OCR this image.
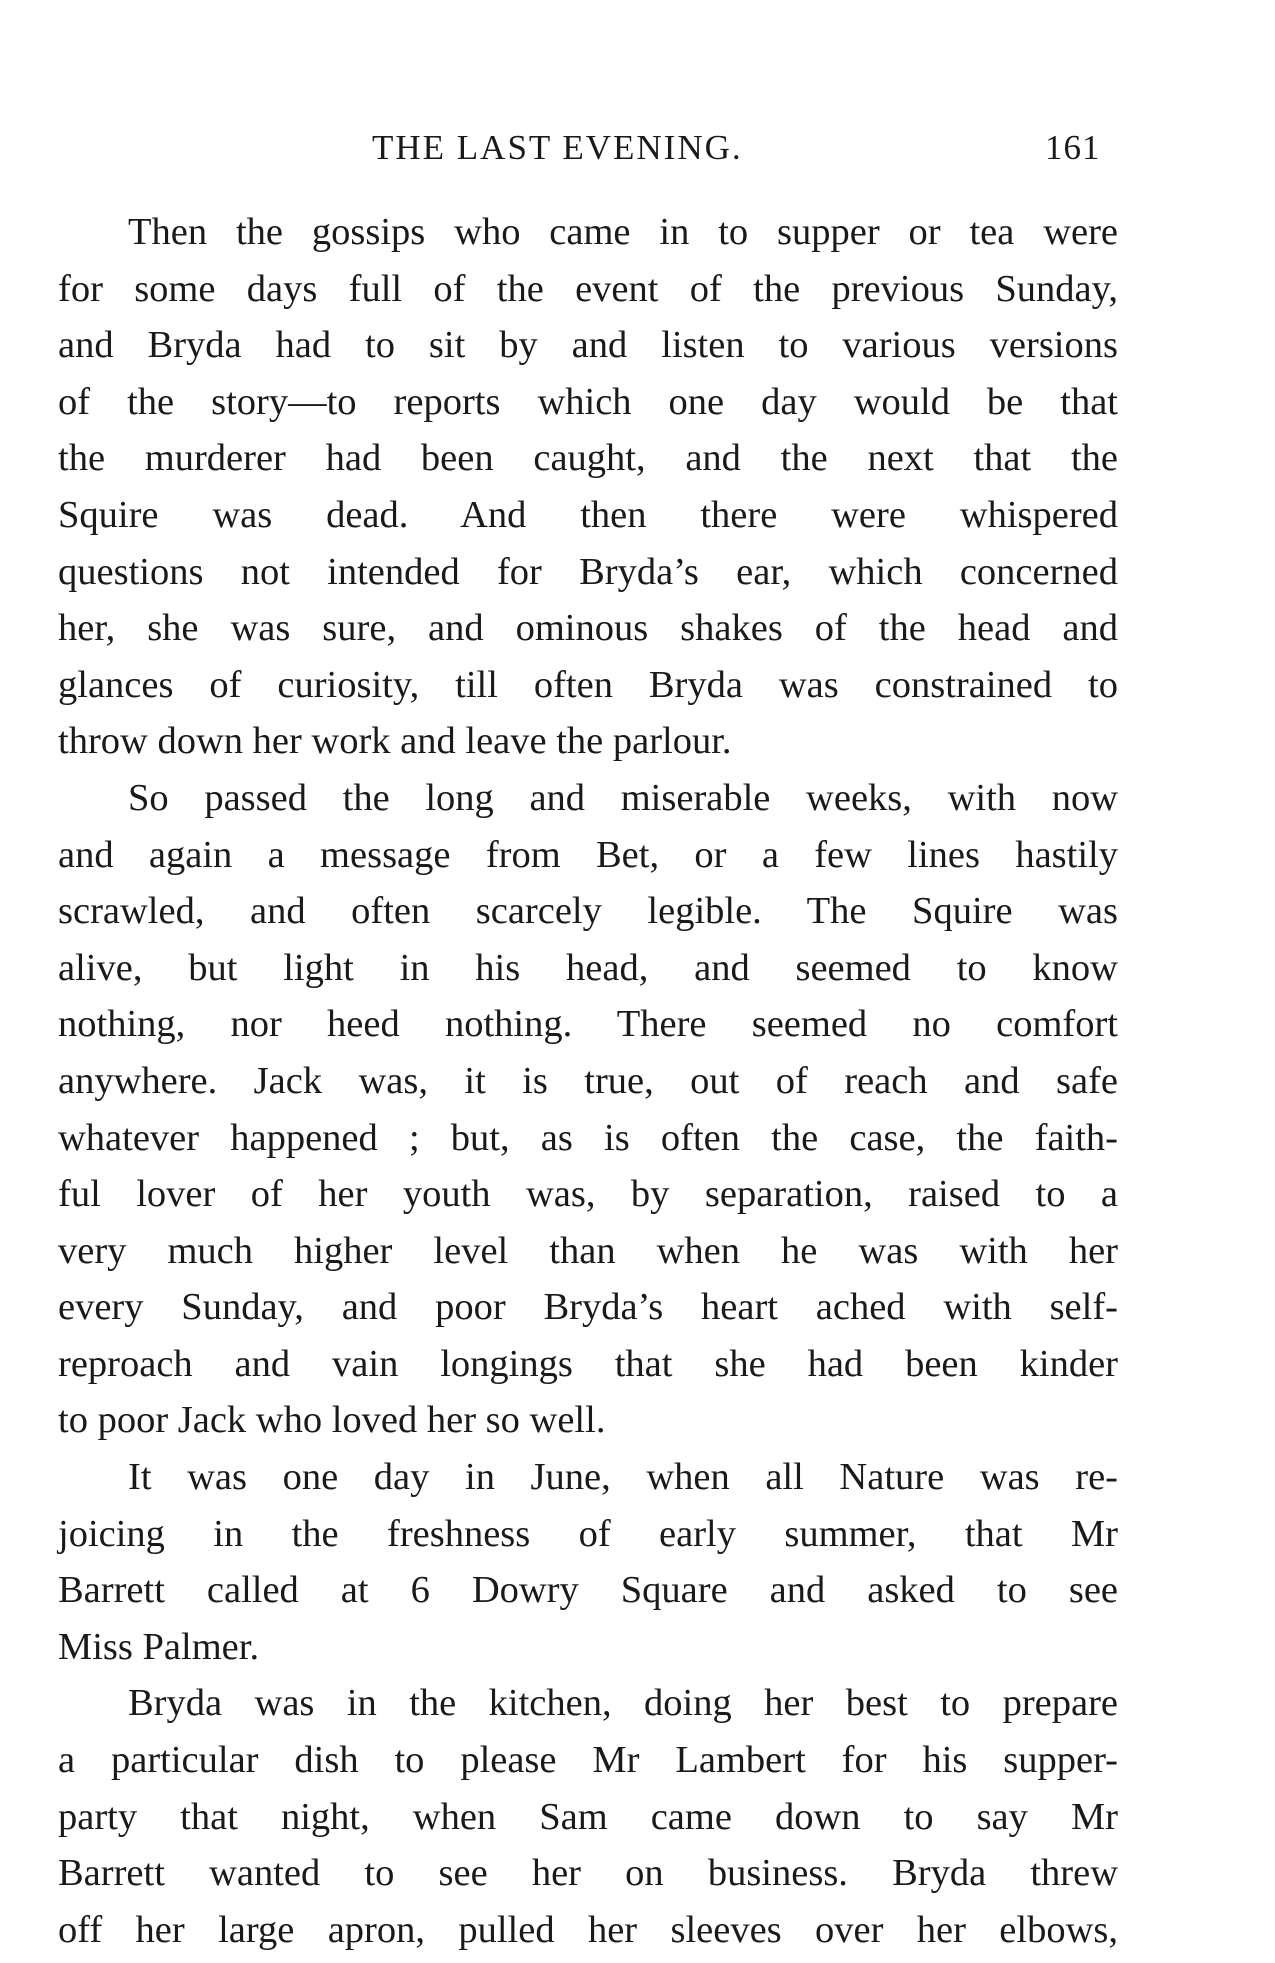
THE LAST EVENING.	161
Then the gossips who came in to supper or tea were
for some days full of the event of the previous Sunday,
and Bryda had to sit by and listen to various versions
of the story—to reports which one day would be that
the murderer had been caught, and the next that the
Squire was dead. And then there were whispered
questions not intended for Bryda’s ear, which concerned
her, she was sure, and ominous shakes of the head and
glances of curiosity, till often Bryda was constrained to
throw down her work and leave the parlour.
So passed the long and miserable weeks, with now
and again a message from Bet, or a few lines hastily
scrawled, and often scarcely legible. The Squire was
alive, but light in his head, and seemed to know
nothing, nor heed nothing. There seemed no comfort
anywhere. Jack was, it is true, out of reach and safe
whatever happened ; but, as is often the case, the faith-
ful lover of her youth was, by separation, raised to a
very much higher level than when he was with her
every Sunday, and poor Bryda’s heart ached with self-
reproach and vain longings that she had been kinder
to poor Jack who loved her so well.
It was one day in June, when all Nature was re-
joicing in the freshness of early summer, that Mr
Barrett called at 6 Dowry Square and asked to see
Miss Palmer.
Bryda was in the kitchen, doing her best to prepare
a particular dish to please Mr Lambert for his supper-
party that night, when Sam came down to say Mr
Barrett wanted to see her on business. Bryda threw
off her large apron, pulled her sleeves over her elbows,
